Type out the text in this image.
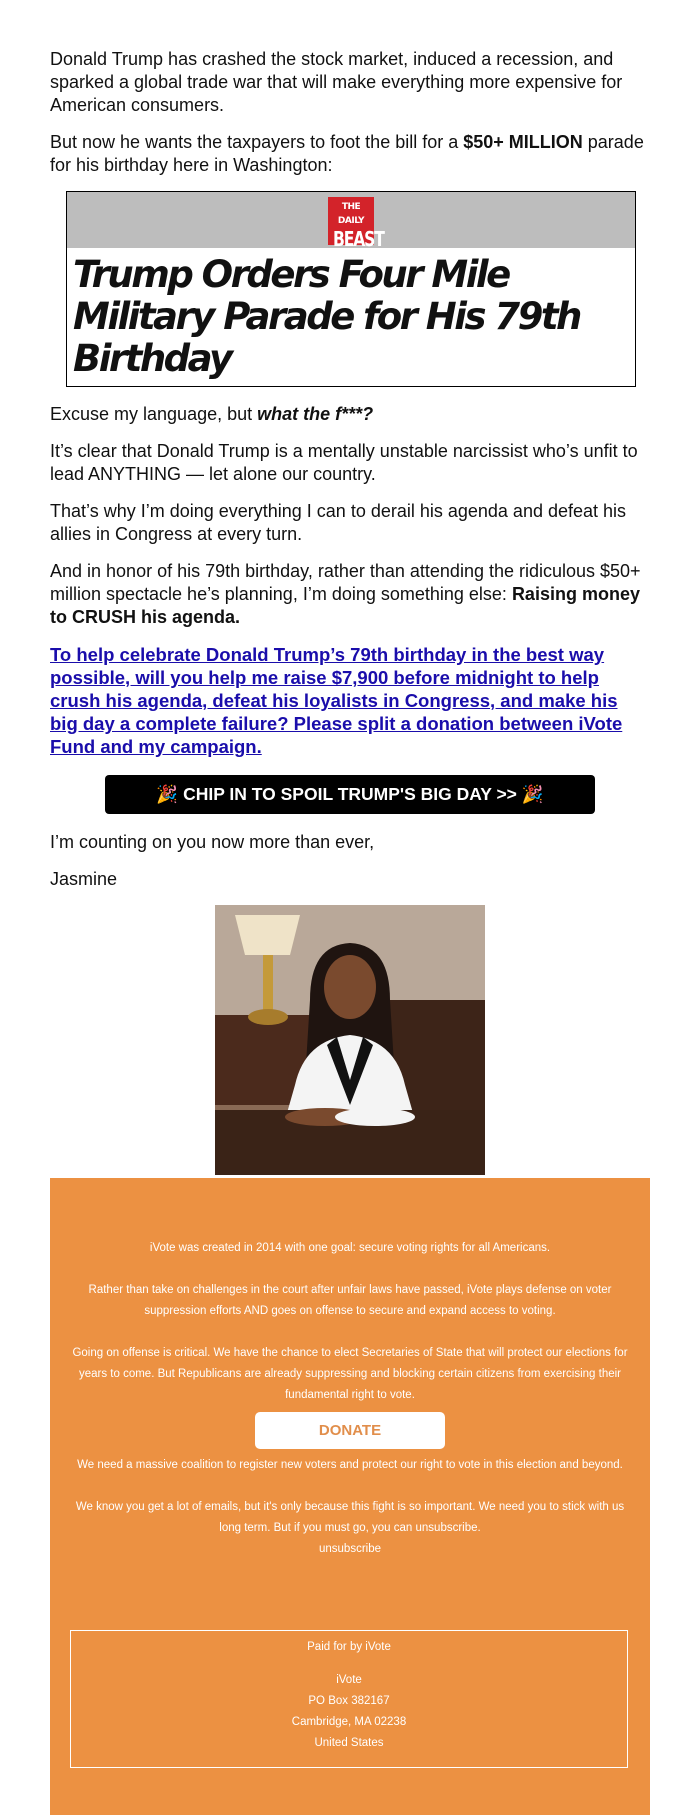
Donald Trump has crashed the stock market, induced a recession, and sparked a global trade war that will make everything more expensive for American consumers.

But now he wants the taxpayers to foot the bill for a $50+ MILLION parade for his birthday here in Washington:

THE DAILY
BEAST
Trump Orders Four Mile Military Parade for His 79th Birthday

Excuse my language, but what the f***?

It’s clear that Donald Trump is a mentally unstable narcissist who’s unfit to lead ANYTHING — let alone our country.

That’s why I’m doing everything I can to derail his agenda and defeat his allies in Congress at every turn.

And in honor of his 79th birthday, rather than attending the ridiculous $50+ million spectacle he’s planning, I’m doing something else: Raising money to CRUSH his agenda.

To help celebrate Donald Trump’s 79th birthday in the best way possible, will you help me raise $7,900 before midnight to help crush his agenda, defeat his loyalists in Congress, and make his big day a complete failure? Please split a donation between iVote Fund and my campaign.
🎉 CHIP IN TO SPOIL TRUMP'S BIG DAY >> 🎉

I’m counting on you now more than ever,

Jasmine

iVote was created in 2014 with one goal: secure voting rights for all Americans.

Rather than take on challenges in the court after unfair laws have passed, iVote plays defense on voter suppression efforts AND goes on offense to secure and expand access to voting.

Going on offense is critical. We have the chance to elect Secretaries of State that will protect our elections for years to come. But Republicans are already suppressing and blocking certain citizens from exercising their fundamental right to vote.

DONATE

We need a massive coalition to register new voters and protect our right to vote in this election and beyond.

We know you get a lot of emails, but it's only because this fight is so important. We need you to stick with us long term. But if you must go, you can unsubscribe.

unsubscribe

Paid for by iVote

iVote

PO Box 382167

Cambridge, MA 02238

United States
